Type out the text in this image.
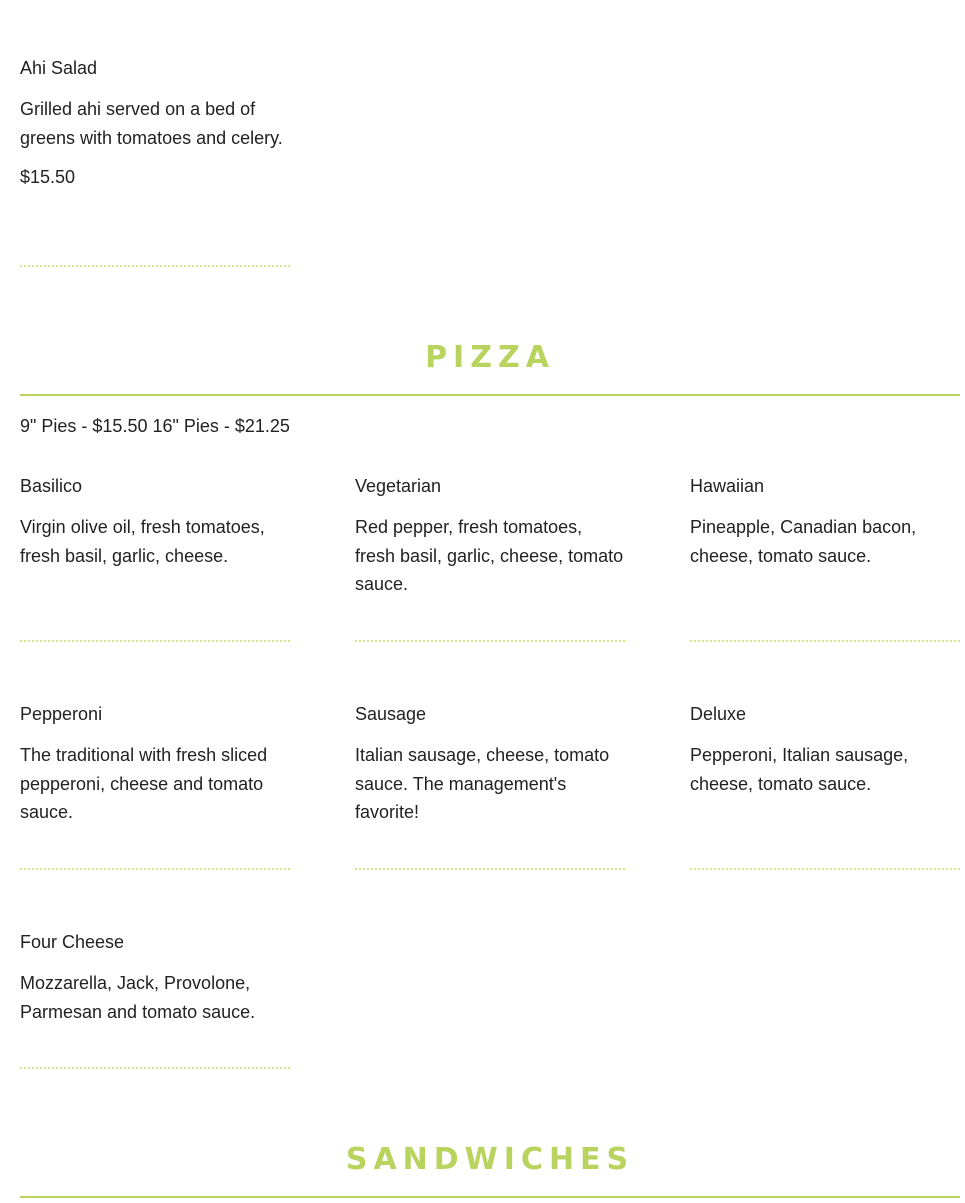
Ahi Salad

Grilled ahi served on a bed of greens with tomatoes and celery.

$15.50

PIZZA

9" Pies - $15.50 16" Pies - $21.25

Basilico

Virgin olive oil, fresh tomatoes, fresh basil, garlic, cheese.

Vegetarian

Red pepper, fresh tomatoes, fresh basil, garlic, cheese, tomato sauce.

Hawaiian

Pineapple, Canadian bacon, cheese, tomato sauce.

Pepperoni

The traditional with fresh sliced pepperoni, cheese and tomato sauce.

Sausage

Italian sausage, cheese, tomato sauce. The management's favorite!

Deluxe

Pepperoni, Italian sausage, cheese, tomato sauce.

Four Cheese

Mozzarella, Jack, Provolone, Parmesan and tomato sauce.

SANDWICHES
